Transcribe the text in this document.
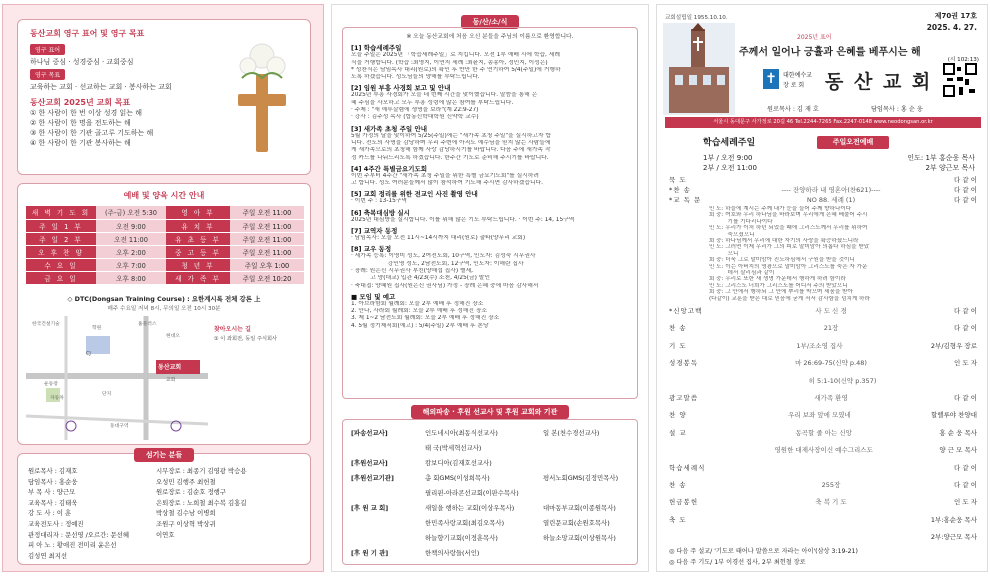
동산교회 영구 표어 및 영구 목표
영구 표어
하나님 중심 · 성경중심 · 교회중심
영구 목표
교육하는 교회 · 선교하는 교회 · 봉사하는 교회
동산교회 2025년 교회 목표
① 한 사람이 한 번 이상 성경 읽는 해
② 한 사람이 한 명을 전도하는 해
③ 한 사람이 한 기관 골고루 기도하는 해
④ 한 사람이 한 기관 봉사하는 해
예배 및 양육 시간 안내
새 벽 기 도 회	(주-금) 오전 5:30	영 아 부	주일 오전 11:00
주 일 1 부	오전 9:00	유 치 부	주일 오전 11:00
주 일 2 부	오전 11:00	유 초 등 부	주일 오전 11:00
오 후 찬 양	오후 2:00	중 고 등 부	주일 오전 11:00
수 요 일	오후 7:00	청 년 부	주일 오후 1:00
금 요 일	오후 8:00	새 가 족 부	주일 오전 10:20
◇ DTC(Dongsan Training Course) : 요한계시록 전체 강론 上
매주 수요일 저녁 8시, 무의일 오전 10시 30분
동산교회
한국건설기술
학원
홈플러스
운동장
현대오
동대구역
CJ
자동차
교회
단지
찾아오시는 길
① 이 좌회전, 동일 주식회사
섬기는 분들
원로목사 : 김재호	시무장로 : 최종기 김영광 박승용
담임목사 : 홍순웅	오성민 김행주 최헌철
부 목 사 : 양근모	원로장로 : 김순호 정행구
교육목사 : 김태욱	은퇴장로 : 노희철 최수복 김홍길
강 도 사 : 이 훈	박상철 김수남 이병희
교육전도사 : 정예진	조원구 이상혁 박상귀
관정대리자 : 문선영 /오르간: 문선혜	이연호
피 아 노 : 황애진 전미리 윤은선
김성연 최지선
동/산/소/식
※ 오늘 동산교회에 처음 오신 분들을 주님의 이름으로 환영합니다.
[1] 학습세례주일
오늘 주일은 2025년 「학습세례주일」로 지킵니다. 오전 1부 예배 시에 학습, 세례
식을 거행합니다. (학습 :최영지, 이연지 세례 :최윤지, 송송아, 정민지, 이성은)
* 성찬식은 담임목사 대리(원로)의 확인 후 반만 한 주 연기하여 5/4(주일)에 거행하
도록 하겠습니다. 성도님들의 양해를 부탁드립니다.
[2] 임원 부흥 사경회 보고 및 안내
2025년 부흥 사경회가 오늘 네 번째 시간을 맞이했습니다. 말씀을 통해 은
혜 주심을 사모하고 모두 부흥 성령에 많은 참여를 부탁드립니다.
· 주제 : "새 예루살렘에 생명을 보라"(계 22:9-27)
· 강사 : 김주성 목사 (합동신학대학원 신약학 교수)
[3] 새가족 초청 주일 안내
5월 가정의 달을 맞이하여 5/25(주일)에는 "새가족 초청 주일"을 실시하고자 합
니다. 전도의 사명을 감당하며 우리 주변에 아직도 예수님을 믿지 않는 사람들에
게 새가족으로의 초청해 함께 사랑 감당하시기를 바랍니다. 다음 주에 새가족 작
정 카드를 나눠드리도록 하겠습니다. 한주간 기도로 준비해 주시기를 바랍니다.
[4] 4주간 특별금요기도회
이번 주부터 4주간 "새가족 초청 주일을 위한 특별 금요기도회"를 실시하려
고 합니다. 성도 여러분들께서 많이 참석하여 기도해 주시면 감사하겠습니다.
[5] 교회 정리를 위한 전교인 사진 촬영 안내
· 이번 주 : 13-15구역
[6] 축복대심방 실시
2025년 대심방을 실시합니다. 이를 위해 많은 기도 부탁드립니다. · 이번 주: 14, 15구역
[7] 교역자 동정
· 담임목사: 오늘 오전 11시~14시까지 대리(원로) 출타(양무리 교회)
[8] 교우 동정
· 세가족 등록: 이영미 성도, 2여전도회, 10구역, 인도자: 김성숙 시무권사
　　　　　　 강인영 성도, 2남전도회, 12구역, 인도자: 이해란 집사
· 장례: 원은신 시무권사 부친(양해섭 집사) 별세,
　　　 고 양(대교) 입관 4/23(수) 소천, 4/25(금) 발인
· 축대접: 양혜원 집사(원은신 권사님) 가정 - 장례 은혜 중에 마음 감사해서
■ 모임 및 예고
1. 아브라함회 월례회: 오늘 2부 예배 후 정해진 장소
2. 안나, 사라회 월례회: 오늘 2부 예배 후 정해진 장소
3. 제 1~2 남전도회 월례회: 오늘 2부 예배 후 정해진 장소
4. 5월 정기제직회(예고) : 5/4(주일) 2부 예배 후 본당
해외파송 · 후원 선교사 및 후원 교회와 기관
[파송선교사]	인도네시아(최동식선교사)	일 본(천수경선교사)
태 국(박세혁선교사)
[후원선교사]	캄보디아(김재호선교사)
[후원선교기관]	총 회GMS(이성희목사)	평서노회GMS(김정민목사)
필리핀-아라콘선교회(이판수목사)
[후 원 교 회]	새일을 행하는 교회(이상우목사)	대마동부교회(이종원목사)
한민족사랑교회(최김오목사)	열린문교회(손원호목사)
하늘향기교회(이정훈목사)	하늘소망교회(이상원목사)
[후 원 기 관]	한책의사랑들(서인)
교회설립일 1955.10.10.	제70권 17호
2025. 4. 27.
2025년 표어
주께서 일어나 긍휼과 은혜를 베푸시는 해
(시 102:13)
✝	대한예수교
장 로 회 동 산 교 회
원로목사 : 김 재 호	담임목사 : 홍 순 웅
서울시 동대문구 사가정로 20길 46 Tel.2244-7265 Fax.2247-0148 www.neodongsan.or.kr
학습세례주일	주일오전예배
1부 / 오전 9:00	인도: 1부 홍순웅 목사
2부 / 오전 11:00	2부 양근모 목사
묵 도	다 같 이
*찬 송	---- 잔양하라 내 영혼아(찬621)----	다 같 이
*교 독 문	NO 88. 세례 (1)	다 같 이
인 도: 하늘에 계시는 주께 내가 눈을 들어 주께 향하나이다
회 중: 여호와 우리 하나님을 바라보며 우리에게 은혜 베풀어 주시
　　　 기를 기다리나이다
인 도: 우리가 이처 하던 되었을 때에 그리스도께서 우리를 위하여
　　　 죽으셨으니
회 중: 하나님께서 우리에 대한 자기의 사랑을 확증하셨느니라
인 도: 그러면 이제 우리가 그의 피로 말미암아 의롭다 하심을 받았
　　　 으니
회 중: 더욱 그로 말미암아 진노하심에서 구원을 받을 것이니
인 도: 이는 아버지의 영광으로 말미암아 그리스도를 죽은 자 가운
　　　 데서 살리심과 같이
회 중: 우리로 또한 새 생명 가운데서 행하게 하려 함이라
인 도: 그리스도 너희가 그리스도를 어디서 주의 받았으니
회 중: 그 안에서 행하되 그 안에 뿌리를 박으며 세움을 받아
(다같이) 교훈을 받은 대로 믿음에 굳게 서서 감사함을 넘치게 하라
*신앙고백	사 도 신 경	다 같 이
찬 송	21장	다 같 이
기 도	1부/조소영 집사	2부/김형우 장로
성경봉독	마 26:69-75(신약 p.48)	인 도 자
히 5:1-10(신약 p.357)
광고말씀	새가족 환영	다 같 이
찬 양	우리 보좌 앞에 모였네	할렐루야 찬양대
설 교	동곡할 줄 아는 신앙	홍 순 웅 목사
영원한 대제사장이신 예수그리스도	양 근 모 목사
학습세례식	다 같 이
찬 송	255장	다 같 이
헌금봉헌	축 복 기 도	인 도 자
축 도	1부:홍순웅 목사
2부:양근모 목사
◎ 다음 주 설교/ '기도로 태어나 말씀으로 자라는 아이'(삼상 3:19-21)
◎ 다음 주 기도/ 1부 이경선 집사, 2부 최헌철 장로
